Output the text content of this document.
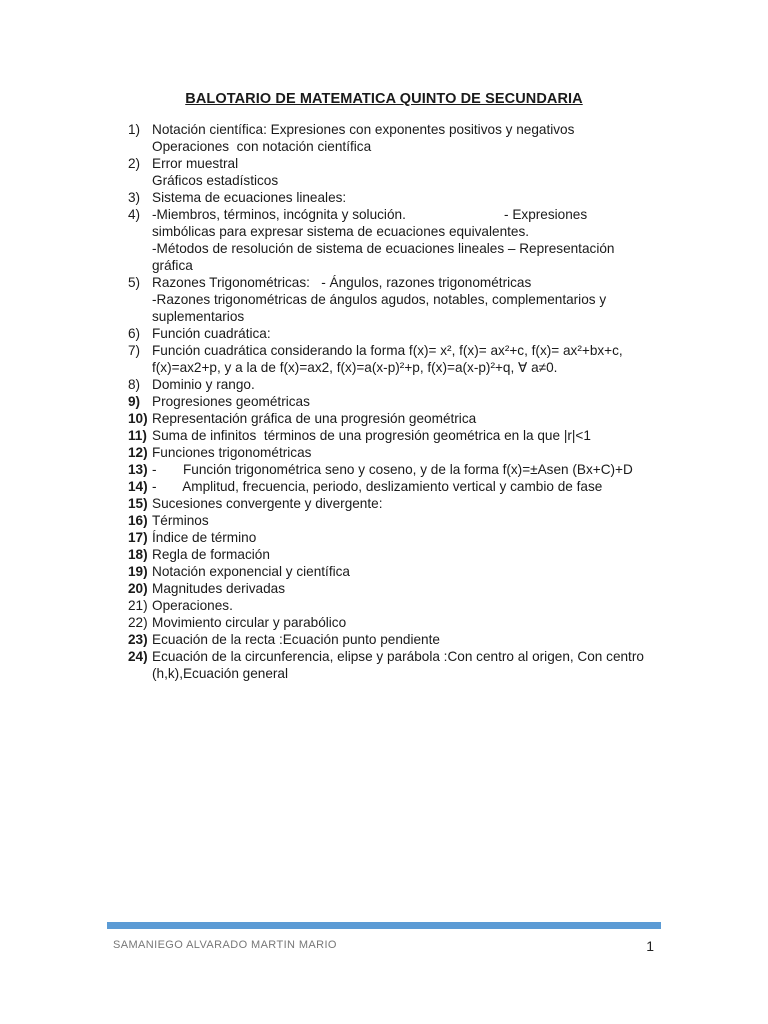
BALOTARIO DE MATEMATICA QUINTO DE SECUNDARIA
1) Notación científica: Expresiones con exponentes positivos y negativos
Operaciones  con notación científica
2) Error muestral
Gráficos estadísticos
3) Sistema de ecuaciones lineales:
4) -Miembros, términos, incógnita y solución.                          - Expresiones
simbólicas para expresar sistema de ecuaciones equivalentes.
-Métodos de resolución de sistema de ecuaciones lineales – Representación
gráfica
5) Razones Trigonométricas:   - Ángulos, razones trigonométricas
-Razones trigonométricas de ángulos agudos, notables, complementarios y
suplementarios
6) Función cuadrática:
7) Función cuadrática considerando la forma f(x)= x², f(x)= ax²+c, f(x)= ax²+bx+c,
f(x)=ax2+p, y a la de f(x)=ax2, f(x)=a(x-p)²+p, f(x)=a(x-p)²+q, ∀ a≠0.
8) Dominio y rango.
9) Progresiones geométricas
10) Representación gráfica de una progresión geométrica
11) Suma de infinitos  términos de una progresión geométrica en la que |r|<1
12) Funciones trigonométricas
13) -       Función trigonométrica seno y coseno, y de la forma f(x)=±Asen (Bx+C)+D
14) -       Amplitud, frecuencia, periodo, deslizamiento vertical y cambio de fase
15) Sucesiones convergente y divergente:
16) Términos
17) Índice de término
18) Regla de formación
19) Notación exponencial y científica
20) Magnitudes derivadas
21) Operaciones.
22) Movimiento circular y parabólico
23) Ecuación de la recta :Ecuación punto pendiente
24) Ecuación de la circunferencia, elipse y parábola :Con centro al origen, Con centro
(h,k),Ecuación general
SAMANIEGO ALVARADO MARTIN MARIO	1
